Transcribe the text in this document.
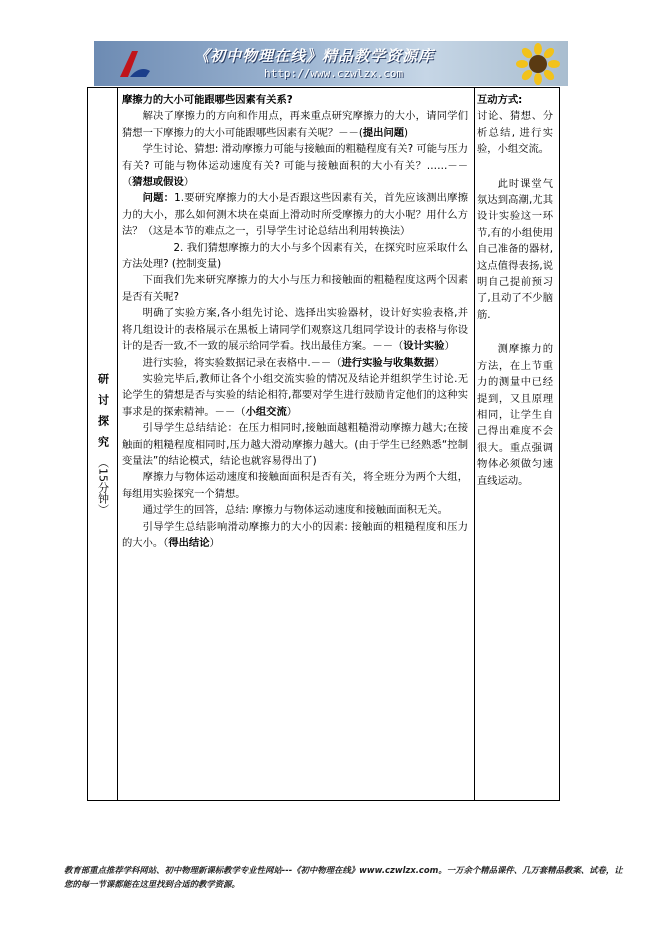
《初中物理在线》精品教学资源库
http://www.czwlzx.com
研讨探究（15分钟）

摩擦力的大小可能跟哪些因素有关系?

解决了摩擦力的方向和作用点，再来重点研究摩擦力的大小，请同学们猜想一下摩擦力的大小可能跟哪些因素有关呢？－－(提出问题)

学生讨论、猜想: 滑动摩擦力可能与接触面的粗糙程度有关? 可能与压力有关? 可能与物体运动速度有关? 可能与接触面积的大小有关？……－－（猜想或假设）

问题：1.要研究摩擦力的大小是否跟这些因素有关，首先应该测出摩擦力的大小，那么如何测木块在桌面上滑动时所受摩擦力的大小呢？用什么方法？（这是本节的难点之一，引导学生讨论总结出利用转换法）

2. 我们猜想摩擦力的大小与多个因素有关，在探究时应采取什么方法处理? (控制变量)

下面我们先来研究摩擦力的大小与压力和接触面的粗糙程度这两个因素是否有关呢?

明确了实验方案,各小组先讨论、选择出实验器材，设计好实验表格,并将几组设计的表格展示在黑板上请同学们观察这几组同学设计的表格与你设计的是否一致,不一致的展示给同学看。找出最佳方案。－－（设计实验）

进行实验，将实验数据记录在表格中.－－（进行实验与收集数据）

实验完毕后,教师让各个小组交流实验的情况及结论并组织学生讨论.无论学生的猜想是否与实验的结论相符,都要对学生进行鼓励肯定他们的这种实事求是的探索精神。－－（小组交流）

引导学生总结结论：在压力相同时,接触面越粗糙滑动摩擦力越大;在接触面的粗糙程度相同时,压力越大滑动摩擦力越大。(由于学生已经熟悉“控制变量法”的结论模式，结论也就容易得出了)

摩擦力与物体运动速度和接触面面积是否有关，将全班分为两个大组，每组用实验探究一个猜想。

通过学生的回答，总结: 摩擦力与物体运动速度和接触面面积无关。

引导学生总结影响滑动摩擦力的大小的因素: 接触面的粗糙程度和压力的大小。（得出结论）

互动方式:

讨论、猜想、分析总结, 进行实验，小组交流。

此时课堂气氛达到高潮,尤其设计实验这一环节,有的小组使用自己准备的器材,这点值得表扬,说明自己提前预习了,且动了不少脑筋.

测摩擦力的方法，在上节重力的测量中已经提到，又且原理相同，让学生自己得出难度不会很大。重点强调物体必须做匀速直线运动。

教育部重点推荐学科网站、初中物理新课标教学专业性网站---《初中物理在线》www.czwlzx.com。一万余个精品课件、几万套精品教案、试卷，让您的每一节课都能在这里找到合适的教学资源。
